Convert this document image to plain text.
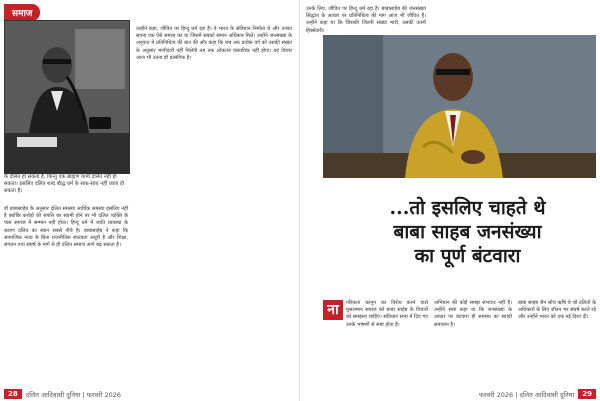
समाज

के दलित हो सकता है, किन्तु एक ब्राह्मण कभी दलित नहीं हो सकता। इसलिए दलित शब्द बौद्ध धर्म के साथ-साथ नहीं जाता हो सकता है।

डॉ बाबासाहेब के अनुसार दलित समस्या आर्थिक समस्या इसलिए नहीं है क्योंकि करोड़ों की संपत्ति का स्वामी होने पर भी दलित व्यक्ति के पास समाज में सम्मान नहीं होता। हिन्दू धर्म में जाति व्यवस्था के कारण दलित का स्थान सबसे नीचे है। बाबासाहेब ने कहा कि सामाजिक न्याय के बिना राजनीतिक स्वतंत्रता अधूरी है और शिक्षा, संगठन तथा संघर्ष के मार्ग से ही दलित समाज आगे बढ़ सकता है।

उन्होंने कहा, जीवित पर हिन्दू धर्म रहा है। वे भारत के संविधान निर्माता थे और उनका सपना एक ऐसे समाज का था जिसमें सबको समान अधिकार मिलें। उन्होंने जनसंख्या के अनुपात में प्रतिनिधित्व की बात की और कहा कि जब तक प्रत्येक वर्ग को उसकी संख्या के अनुसार भागीदारी नहीं मिलेगी तब तक लोकतंत्र वास्तविक नहीं होगा। यह विचार आज भी उतना ही प्रासंगिक है।

28	दलित आदिवासी दुनिया | फरवरी 2026

उनके लिए, जीवित पर हिन्दू धर्म रहा है। बाबासाहेब की जनसंख्या सिद्धांत के आधार पर प्रतिनिधित्व की मांग आज भी जीवित है। उन्होंने कहा था कि जिसकी जितनी संख्या भारी, उसकी उतनी हिस्सेदारी।

...तो इसलिए चाहते थे
बाबा साहब जनसंख्या
का पूर्ण बंटवारा
ना	गरिकता कानून का विरोध करने वाले मुसलमान समाज को बाबा साहेब के विचारों को समझना चाहिए। संविधान सभा में दिए गए उनके भाषणों से स्पष्ट होता है।

अभियान की कोई समझ संभवतः नहीं है। उन्होंने स्पष्ट कहा था कि जनसंख्या के आधार पर बंटवारा ही समस्या का स्थायी समाधान है।

बाबा साहब जैन सोच ऋषि थे जो दलितों के अधिकारों के लिए जीवन भर संघर्ष करते रहे और उन्होंने भारत को एक नई दिशा दी।

फरवरी 2026 | दलित आदिवासी दुनिया	29
